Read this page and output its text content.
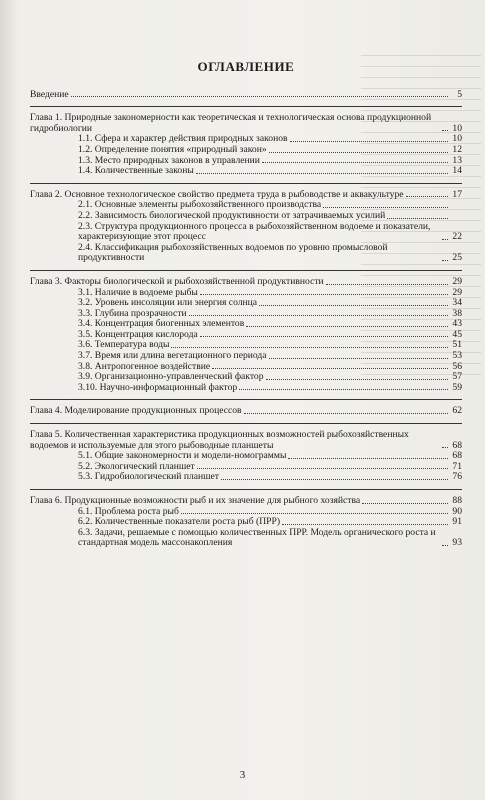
ОГЛАВЛЕНИЕ
Введение	5
Глава 1. Природные закономерности как теоретическая и технологическая основа продукционной гидробиологии	10
1.1. Сфера и характер действия природных законов	10
1.2. Определение понятия «природный закон»	12
1.3. Место природных законов в управлении	13
1.4. Количественные законы	14
Глава 2. Основное технологическое свойство предмета труда в рыбоводстве и аквакультуре	17
2.1. Основные элементы рыбохозяйственного производства
2.2. Зависимость биологической продуктивности от затрачиваемых усилий
2.3. Структура продукционного процесса в рыбохозяйственном водоеме и показатели, характеризующие этот процесс	22
2.4. Классификация рыбохозяйственных водоемов по уровню промысловой продуктивности	25
Глава 3. Факторы биологической и рыбохозяйственной продуктивности	29
3.1. Наличие в водоеме рыбы	29
3.2. Уровень инсоляции или энергия солнца	34
3.3. Глубина прозрачности	38
3.4. Концентрация биогенных элементов	43
3.5. Концентрация кислорода	45
3.6. Температура воды	51
3.7. Время или длина вегетационного периода	53
3.8. Антропогенное воздействие	56
3.9. Организационно-управленческий фактор	57
3.10. Научно-информационный фактор	59
Глава 4. Моделирование продукционных процессов	62
Глава 5. Количественная характеристика продукционных возможностей рыбохозяйственных водоемов и используемые для этого рыбоводные планшеты	68
5.1. Общие закономерности и модели-номограммы	68
5.2. Экологический планшет	71
5.3. Гидробиологический планшет	76
Глава 6. Продукционные возможности рыб и их значение для рыбного хозяйства	88
6.1. Проблема роста рыб	90
6.2. Количественные показатели роста рыб (ПРР)	91
6.3. Задачи, решаемые с помощью количественных ПРР. Модель органического роста и стандартная модель массонакопления	93
3
